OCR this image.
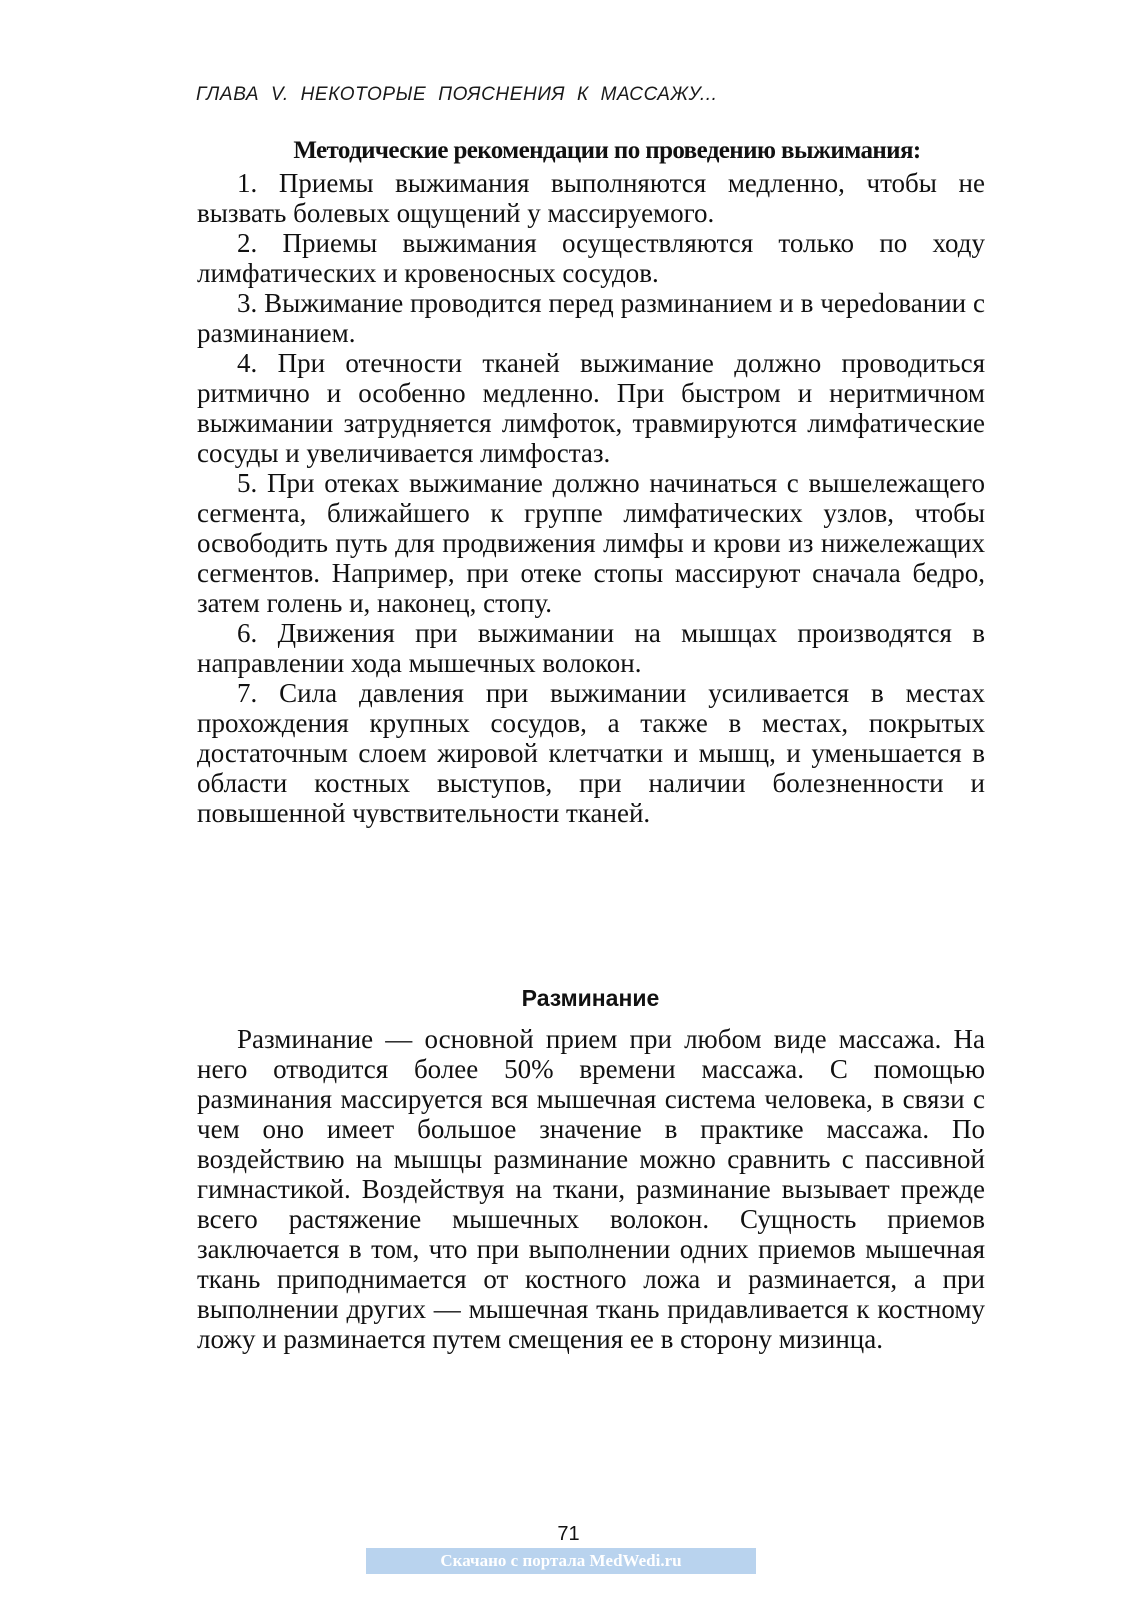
ГЛАВА V. НЕКОТОРЫЕ ПОЯСНЕНИЯ К МАССАЖУ...
Методические рекомендации по проведению выжимания:

1. Приемы выжимания выполняются медленно, чтобы не вызвать болевых ощущений у массируемого.

2. Приемы выжимания осуществляются только по ходу лимфатических и кровеносных сосудов.

3. Выжимание проводится перед разминанием и в череdовании с разминанием.

4. При отечности тканей выжимание должно проводиться ритмично и особенно медленно. При быстром и неритмичном выжимании затрудняется лимфоток, травмируются лимфатические сосуды и увеличивается лимфостаз.

5. При отеках выжимание должно начинаться с вышележащего сегмента, ближайшего к группе лимфатических узлов, чтобы освободить путь для продвижения лимфы и крови из нижележащих сегментов. Например, при отеке стопы массируют сначала бедро, затем голень и, наконец, стопу.

6. Движения при выжимании на мышцах производятся в направлении хода мышечных волокон.

7. Сила давления при выжимании усиливается в местах прохождения крупных сосудов, а также в местах, покрытых достаточным слоем жировой клетчатки и мышц, и уменьшается в области костных выступов, при наличии болезненности и повышенной чувствительности тканей.

Разминание

Разминание — основной прием при любом виде массажа. На него отводится более 50% времени массажа. С помощью разминания массируется вся мышечная система человека, в связи с чем оно имеет большое значение в практике массажа. По воздействию на мышцы разминание можно сравнить с пассивной гимнастикой. Воздействуя на ткани, разминание вызывает прежде всего растяжение мышечных волокон. Сущность приемов заключается в том, что при выполнении одних приемов мышечная ткань приподнимается от костного ложа и разминается, а при выполнении других — мышечная ткань придавливается к костному ложу и разминается путем смещения ее в сторону мизинца.

71
Скачано с портала MedWedi.ru
